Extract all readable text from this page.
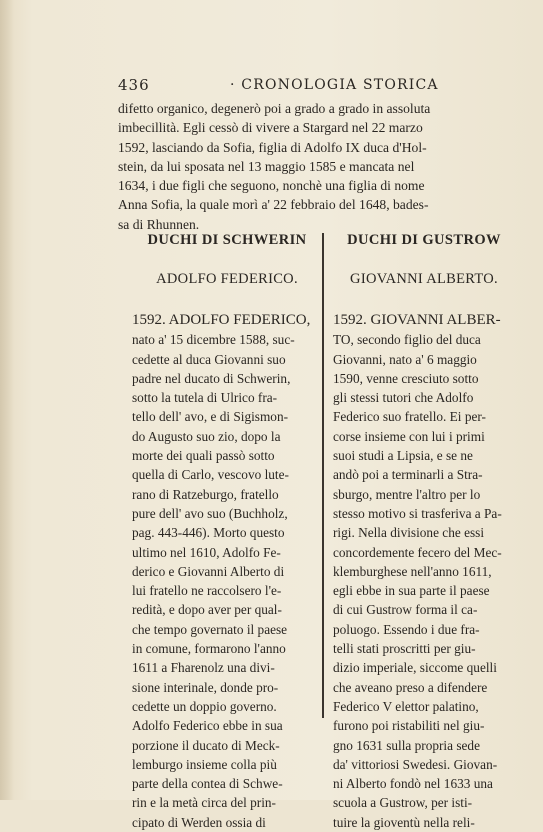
436	· CRONOLOGIA STORICA
difetto organico, degenerò poi a grado a grado in assoluta
imbecillità. Egli cessò di vivere a Stargard nel 22 marzo
1592, lasciando da Sofia, figlia di Adolfo IX duca d'Hol-
stein, da lui sposata nel 13 maggio 1585 e mancata nel
1634, i due figli che seguono, nonchè una figlia di nome
Anna Sofia, la quale morì a' 22 febbraio del 1648, bades-
sa di Rhunnen.
DUCHI DI SCHWERIN
ADOLFO FEDERICO.
1592. ADOLFO FEDERICO,
nato a' 15 dicembre 1588, suc-
cedette al duca Giovanni suo
padre nel ducato di Schwerin,
sotto la tutela di Ulrico fra-
tello dell' avo, e di Sigismon-
do Augusto suo zio, dopo la
morte dei quali passò sotto
quella di Carlo, vescovo lute-
rano di Ratzeburgo, fratello
pure dell' avo suo (Buchholz,
pag. 443-446). Morto questo
ultimo nel 1610, Adolfo Fe-
derico e Giovanni Alberto di
lui fratello ne raccolsero l'e-
redità, e dopo aver per qual-
che tempo governato il paese
in comune, formarono l'anno
1611 a Fharenolz una divi-
sione interinale, donde pro-
cedette un doppio governo.
Adolfo Federico ebbe in sua
porzione il ducato di Meck-
lemburgo insieme colla più
parte della contea di Schwe-
rin e la metà circa del prin-
cipato di Werden ossia di
DUCHI DI GUSTROW
GIOVANNI ALBERTO.
1592. GIOVANNI ALBER-
TO, secondo figlio del duca
Giovanni, nato a' 6 maggio
1590, venne cresciuto sotto
gli stessi tutori che Adolfo
Federico suo fratello. Ei per-
corse insieme con lui i primi
suoi studi a Lipsia, e se ne
andò poi a terminarli a Stra-
sburgo, mentre l'altro per lo
stesso motivo si trasferiva a Pa-
rigi. Nella divisione che essi
concordemente fecero del Mec-
klemburghese nell'anno 1611,
egli ebbe in sua parte il paese
di cui Gustrow forma il ca-
poluogo. Essendo i due fra-
telli stati proscritti per giu-
dizio imperiale, siccome quelli
che aveano preso a difendere
Federico V elettor palatino,
furono poi ristabiliti nel giu-
gno 1631 sulla propria sede
da' vittoriosi Swedesi. Giovan-
ni Alberto fondò nel 1633 una
scuola a Gustrow, per isti-
tuire la gioventù nella reli-
